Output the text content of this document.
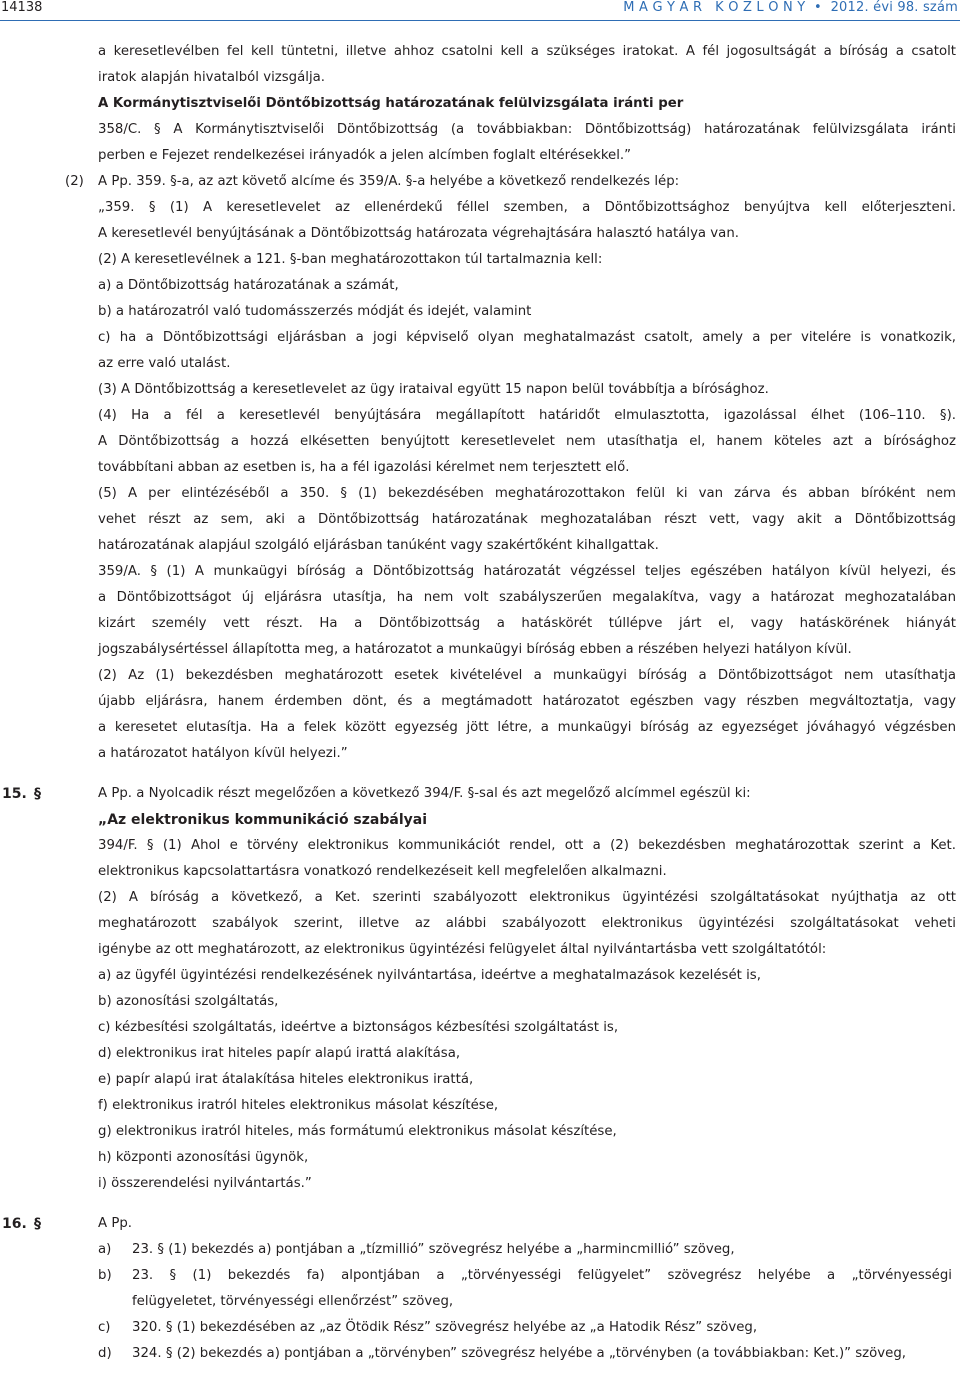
14138	M A G Y A R   K Ö Z L Ö N Y  •  2012. évi 98. szám
a keresetlevélben fel kell tüntetni, illetve ahhoz csatolni kell a szükséges iratokat. A fél jogosultságát a bíróság a csatolt
iratok alapján hivatalból vizsgálja.
A Kormánytisztviselői Döntőbizottság határozatának felülvizsgálata iránti per
358/C. § A Kormánytisztviselői Döntőbizottság (a továbbiakban: Döntőbizottság) határozatának felülvizsgálata iránti
perben e Fejezet rendelkezései irányadók a jelen alcímben foglalt eltérésekkel.”
(2) A Pp. 359. §-a, az azt követő alcíme és 359/A. §-a helyébe a következő rendelkezés lép:
„359. § (1) A keresetlevelet az ellenérdekű féllel szemben, a Döntőbizottsághoz benyújtva kell előterjeszteni.
A keresetlevél benyújtásának a Döntőbizottság határozata végrehajtására halasztó hatálya van.
(2) A keresetlevélnek a 121. §-ban meghatározottakon túl tartalmaznia kell:
a) a Döntőbizottság határozatának a számát,
b) a határozatról való tudomásszerzés módját és idejét, valamint
c) ha a Döntőbizottsági eljárásban a jogi képviselő olyan meghatalmazást csatolt, amely a per vitelére is vonatkozik,
az erre való utalást.
(3) A Döntőbizottság a keresetlevelet az ügy irataival együtt 15 napon belül továbbítja a bírósághoz.
(4) Ha a fél a keresetlevél benyújtására megállapított határidőt elmulasztotta, igazolással élhet (106–110. §).
A Döntőbizottság a hozzá elkésetten benyújtott keresetlevelet nem utasíthatja el, hanem köteles azt a bírósághoz
továbbítani abban az esetben is, ha a fél igazolási kérelmet nem terjesztett elő.
(5) A per elintézéséből a 350. § (1) bekezdésében meghatározottakon felül ki van zárva és abban bíróként nem
vehet részt az sem, aki a Döntőbizottság határozatának meghozatalában részt vett, vagy akit a Döntőbizottság
határozatának alapjául szolgáló eljárásban tanúként vagy szakértőként kihallgattak.
359/A. § (1) A munkaügyi bíróság a Döntőbizottság határozatát végzéssel teljes egészében hatályon kívül helyezi, és
a Döntőbizottságot új eljárásra utasítja, ha nem volt szabályszerűen megalakítva, vagy a határozat meghozatalában
kizárt személy vett részt. Ha a Döntőbizottság a hatáskörét túllépve járt el, vagy hatáskörének hiányát
jogszabálysértéssel állapította meg, a határozatot a munkaügyi bíróság ebben a részében helyezi hatályon kívül.
(2) Az (1) bekezdésben meghatározott esetek kivételével a munkaügyi bíróság a Döntőbizottságot nem utasíthatja
újabb eljárásra, hanem érdemben dönt, és a megtámadott határozatot egészben vagy részben megváltoztatja, vagy
a keresetet elutasítja. Ha a felek között egyezség jött létre, a munkaügyi bíróság az egyezséget jóváhagyó végzésben
a határozatot hatályon kívül helyezi.”
15. §	A Pp. a Nyolcadik részt megelőzően a következő 394/F. §-sal és azt megelőző alcímmel egészül ki:
„Az elektronikus kommunikáció szabályai
394/F. § (1) Ahol e törvény elektronikus kommunikációt rendel, ott a (2) bekezdésben meghatározottak szerint a Ket.
elektronikus kapcsolattartásra vonatkozó rendelkezéseit kell megfelelően alkalmazni.
(2) A bíróság a következő, a Ket. szerinti szabályozott elektronikus ügyintézési szolgáltatásokat nyújthatja az ott
meghatározott szabályok szerint, illetve az alábbi szabályozott elektronikus ügyintézési szolgáltatásokat veheti
igénybe az ott meghatározott, az elektronikus ügyintézési felügyelet által nyilvántartásba vett szolgáltatótól:
a) az ügyfél ügyintézési rendelkezésének nyilvántartása, ideértve a meghatalmazások kezelését is,
b) azonosítási szolgáltatás,
c) kézbesítési szolgáltatás, ideértve a biztonságos kézbesítési szolgáltatást is,
d) elektronikus irat hiteles papír alapú irattá alakítása,
e) papír alapú irat átalakítása hiteles elektronikus irattá,
f) elektronikus iratról hiteles elektronikus másolat készítése,
g) elektronikus iratról hiteles, más formátumú elektronikus másolat készítése,
h) központi azonosítási ügynök,
i) összerendelési nyilvántartás.”
16. §	A Pp.
a) 23. § (1) bekezdés a) pontjában a „tízmillió” szövegrész helyébe a „harmincmillió” szöveg,
b) 23. § (1) bekezdés fa) alpontjában a „törvényességi felügyelet” szövegrész helyébe a „törvényességi
felügyeletet, törvényességi ellenőrzést” szöveg,
c) 320. § (1) bekezdésében az „az Ötödik Rész” szövegrész helyébe az „a Hatodik Rész” szöveg,
d) 324. § (2) bekezdés a) pontjában a „törvényben” szövegrész helyébe a „törvényben (a továbbiakban: Ket.)” szöveg,
